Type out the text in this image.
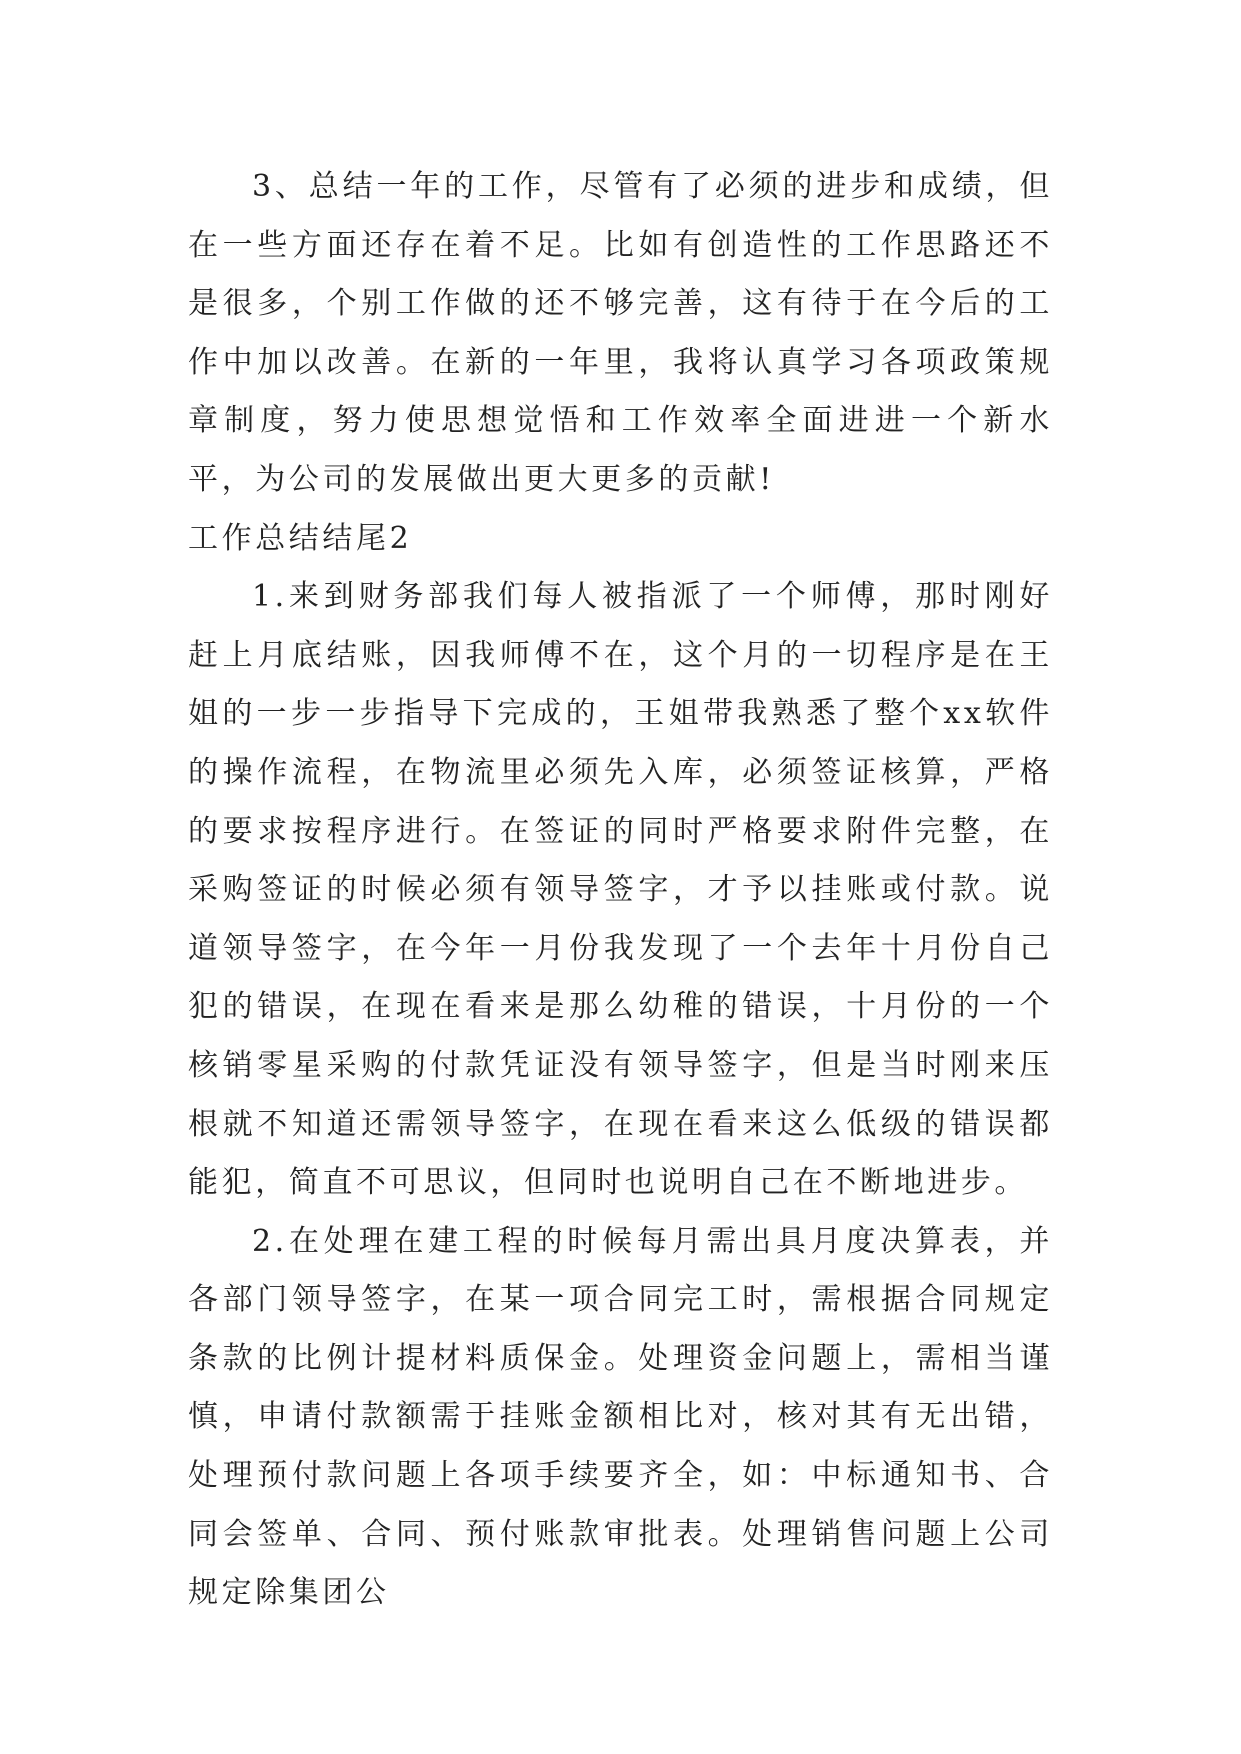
3、总结一年的工作，尽管有了必须的进步和成绩，但在一些方面还存在着不足。比如有创造性的工作思路还不是很多，个别工作做的还不够完善，这有待于在今后的工作中加以改善。在新的一年里，我将认真学习各项政策规章制度，努力使思想觉悟和工作效率全面进进一个新水平，为公司的发展做出更大更多的贡献!

工作总结结尾2

1.来到财务部我们每人被指派了一个师傅，那时刚好赶上月底结账，因我师傅不在，这个月的一切程序是在王姐的一步一步指导下完成的，王姐带我熟悉了整个xx软件的操作流程，在物流里必须先入库，必须签证核算，严格的要求按程序进行。在签证的同时严格要求附件完整，在采购签证的时候必须有领导签字，才予以挂账或付款。说道领导签字，在今年一月份我发现了一个去年十月份自己犯的错误，在现在看来是那么幼稚的错误，十月份的一个核销零星采购的付款凭证没有领导签字，但是当时刚来压根就不知道还需领导签字，在现在看来这么低级的错误都能犯，简直不可思议，但同时也说明自己在不断地进步。

2.在处理在建工程的时候每月需出具月度决算表，并各部门领导签字，在某一项合同完工时，需根据合同规定条款的比例计提材料质保金。处理资金问题上，需相当谨慎，申请付款额需于挂账金额相比对，核对其有无出错，处理预付款问题上各项手续要齐全，如：中标通知书、合同会签单、合同、预付账款审批表。处理销售问题上公司规定除集团公
